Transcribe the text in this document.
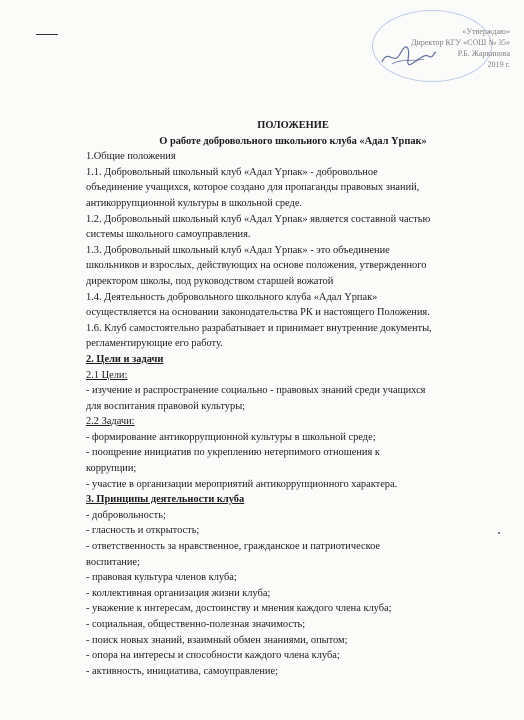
«Утверждаю»
Директор КГУ «СОШ № 35»
Р.Б. Жаркинова
2019 г.
ПОЛОЖЕНИЕ
О работе добровольного школьного клуба «Адал Үрпак»
1.Общие положения
1.1. Добровольный школьный клуб «Адал Үрпак» - добровольное
объединение учащихся, которое создано для пропаганды правовых знаний,
антикоррупционной культуры в школьной среде.
1.2. Добровольный школьный клуб «Адал Үрпак» является составной частью
системы школьного самоуправления.
1.3. Добровольный школьный клуб «Адал Үрпак» - это объединение
школьников и взрослых, действующих на основе положения, утвержденного
директором школы, под руководством старшей вожатой
1.4. Деятельность добровольного школьного клуба «Адал Үрпак»
осуществляется на основании законодательства РК и настоящего Положения.
1.6. Клуб самостоятельно разрабатывает и принимает внутренние документы,
регламентирующие его работу.
2. Цели и задачи
2.1 Цели:
- изучение и распространение социально - правовых знаний среди учащихся
для воспитания правовой культуры;
2.2 Задачи:
- формирование антикоррупционной культуры в школьной среде;
- поощрение инициатив по укреплению нетерпимого отношения к
коррупции;
- участие в организации мероприятий антикоррупционного характера.
3. Принципы деятельности клуба
- добровольность;
- гласность и открытость;
- ответственность за нравственное, гражданское и патриотическое
воспитание;
- правовая культура членов клуба;
- коллективная организация жизни клуба;
- уважение к интересам, достоинству и мнения каждого члена клуба;
- социальная, общественно-полезная значимость;
- поиск новых знаний, взаимный обмен знаниями, опытом;
- опора на интересы и способности каждого члена клуба;
- активность, инициатива, самоуправление;
